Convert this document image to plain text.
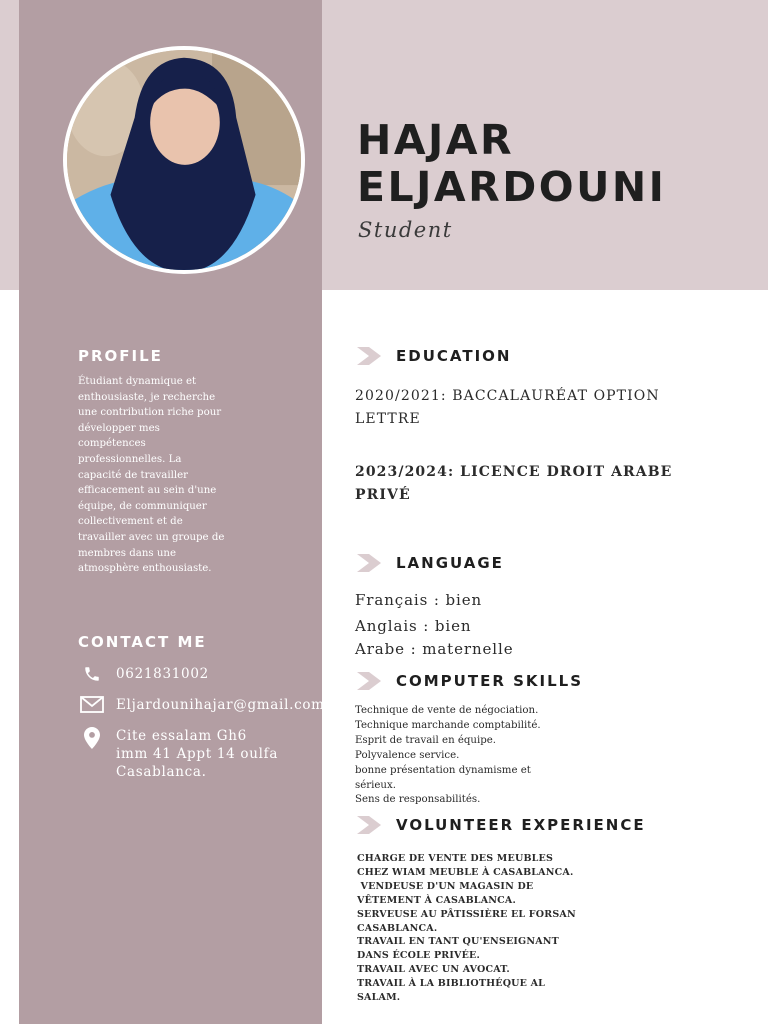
HAJAR
ELJARDOUNI
Student
PROFILE
Étudiant dynamique et enthousiaste, je recherche une contribution riche pour développer mes compétences professionnelles. La capacité de travailler efficacement au sein d'une équipe, de communiquer collectivement et de travailler avec un groupe de membres dans une atmosphère enthousiaste.
CONTACT ME
0621831002
Eljardounihajar@gmail.com
Cite essalam Gh6
imm 41 Appt 14 oulfa
Casablanca.
EDUCATION
2020/2021: BACCALAURÉAT OPTION LETTRE
2023/2024: LICENCE DROIT ARABE PRIVÉ
LANGUAGE
Français : bien
Anglais : bien
Arabe : maternelle
COMPUTER SKILLS
Technique de vente de négociation.
Technique marchande comptabilité.
Esprit de travail en équipe.
Polyvalence service.
bonne présentation dynamisme et
sérieux.
Sens de responsabilités.
VOLUNTEER EXPERIENCE
CHARGE DE VENTE DES MEUBLES
CHEZ WIAM MEUBLE À CASABLANCA.
VENDEUSE D'UN MAGASIN DE
VÊTEMENT À CASABLANCA.
SERVEUSE AU PÂTISSIÈRE EL FORSAN
CASABLANCA.
TRAVAIL EN TANT QU'ENSEIGNANT
DANS ÉCOLE PRIVÉE.
TRAVAIL AVEC UN AVOCAT.
TRAVAIL À LA BIBLIOTHÉQUE AL
SALAM.
